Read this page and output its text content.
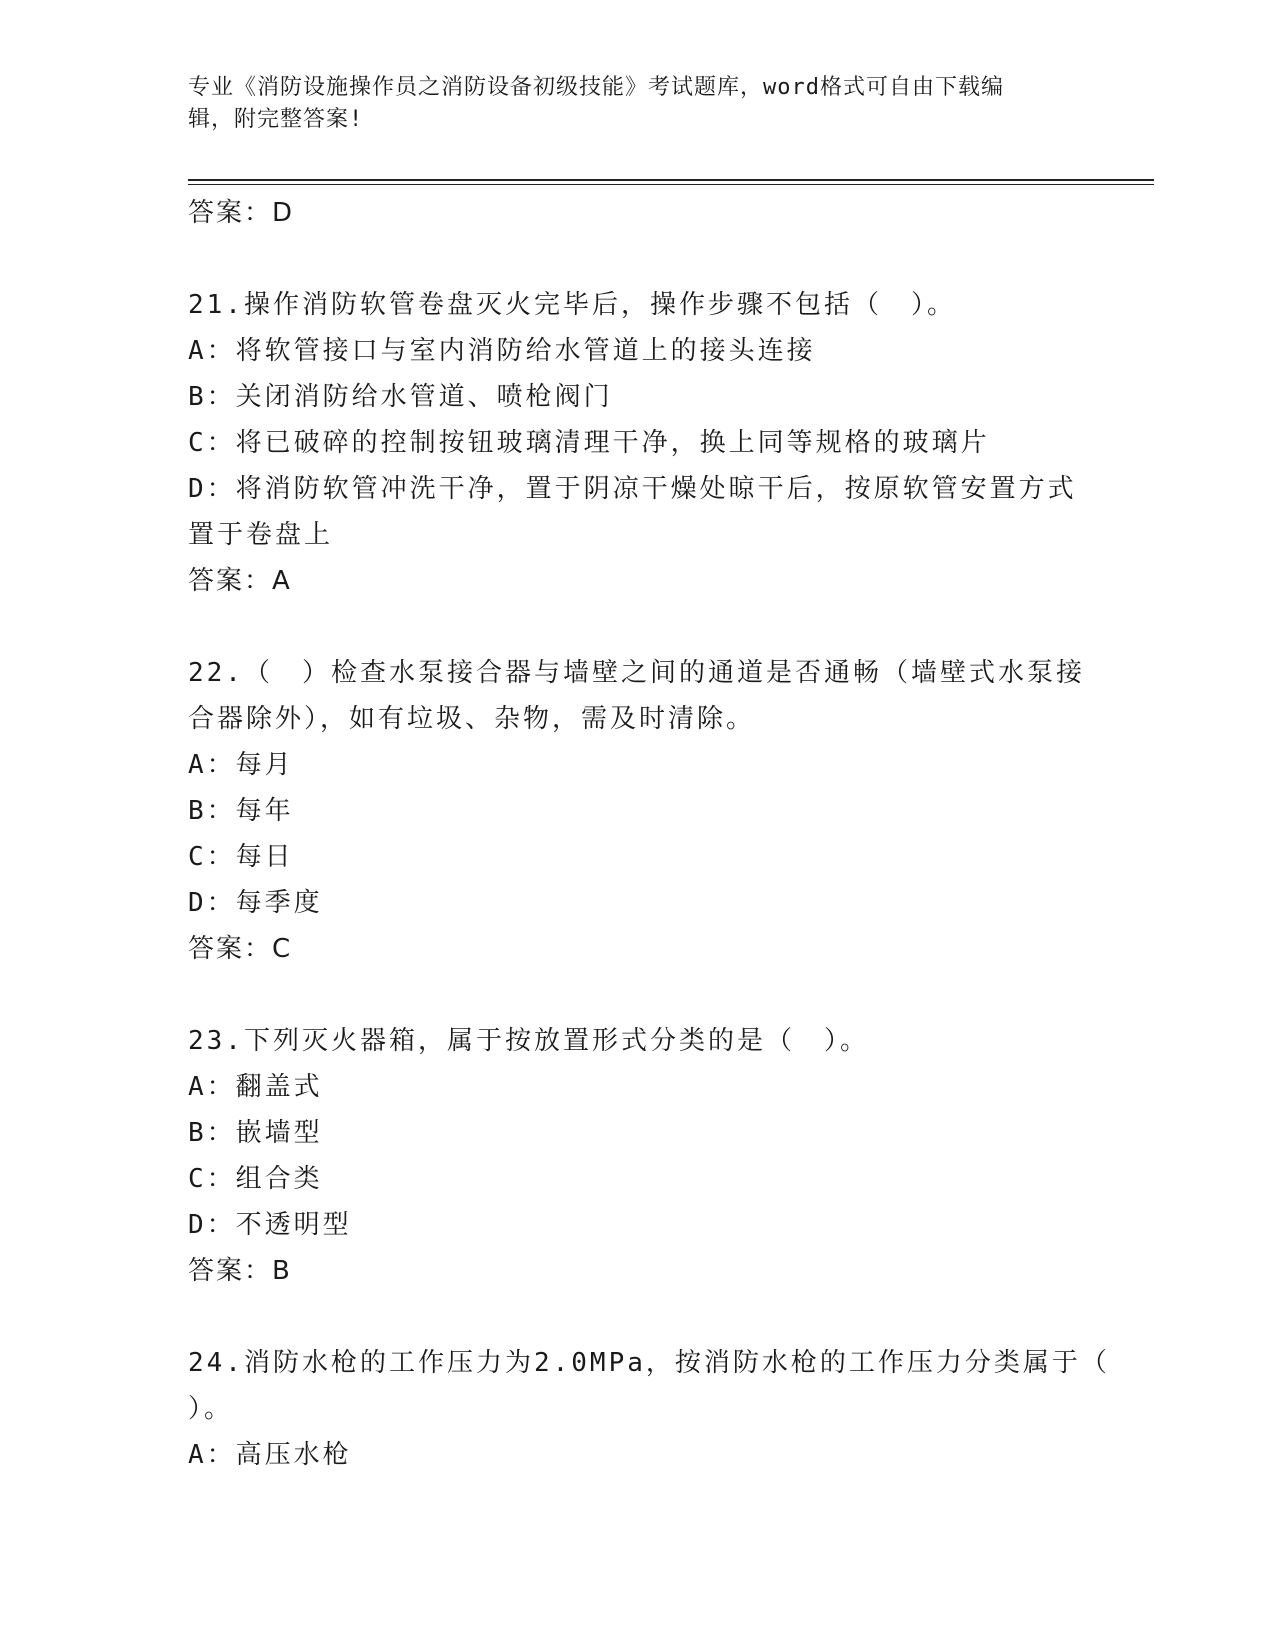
专业《消防设施操作员之消防设备初级技能》考试题库，word格式可自由下载编
辑，附完整答案!
答案：D
21.操作消防软管卷盘灭火完毕后，操作步骤不包括（　）。
A：将软管接口与室内消防给水管道上的接头连接
B：关闭消防给水管道、喷枪阀门
C：将已破碎的控制按钮玻璃清理干净，换上同等规格的玻璃片
D：将消防软管冲洗干净，置于阴凉干燥处晾干后，按原软管安置方式
置于卷盘上
答案：A
22.（　）检查水泵接合器与墙壁之间的通道是否通畅（墙壁式水泵接
合器除外），如有垃圾、杂物，需及时清除。
A：每月
B：每年
C：每日
D：每季度
答案：C
23.下列灭火器箱，属于按放置形式分类的是（　）。
A：翻盖式
B：嵌墙型
C：组合类
D：不透明型
答案：B
24.消防水枪的工作压力为2.0MPa，按消防水枪的工作压力分类属于（
）。
A：高压水枪
